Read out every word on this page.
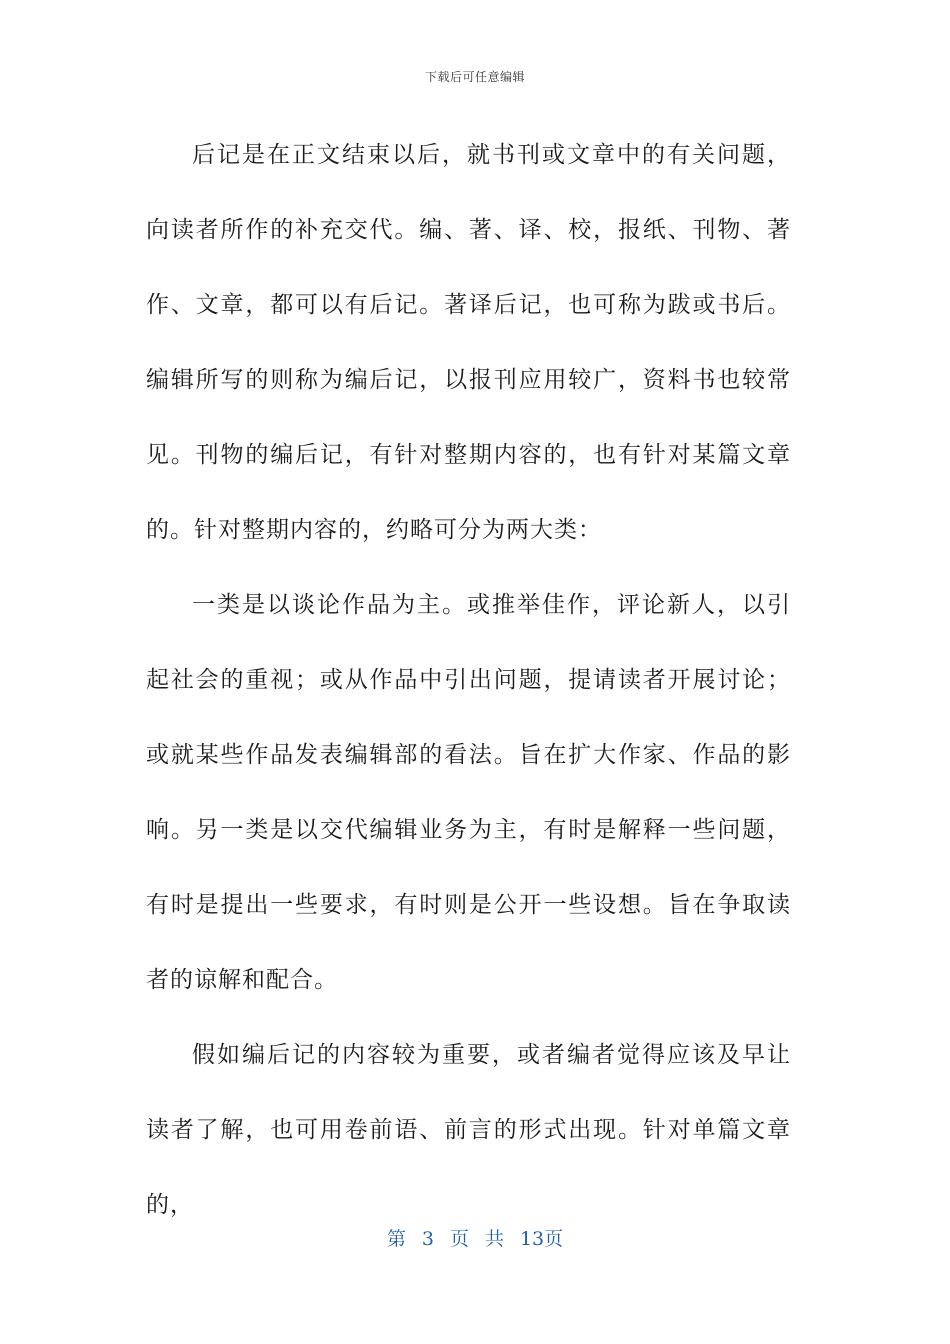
下载后可任意编辑

后记是在正文结束以后，就书刊或文章中的有关问题，向读者所作的补充交代。编、著、译、校，报纸、刊物、著作、文章，都可以有后记。著译后记，也可称为跋或书后。编辑所写的则称为编后记，以报刊应用较广，资料书也较常见。刊物的编后记，有针对整期内容的，也有针对某篇文章的。针对整期内容的，约略可分为两大类：

一类是以谈论作品为主。或推举佳作，评论新人，以引起社会的重视；或从作品中引出问题，提请读者开展讨论；或就某些作品发表编辑部的看法。旨在扩大作家、作品的影响。另一类是以交代编辑业务为主，有时是解释一些问题，有时是提出一些要求，有时则是公开一些设想。旨在争取读者的谅解和配合。

假如编后记的内容较为重要，或者编者觉得应该及早让读者了解，也可用卷前语、前言的形式出现。针对单篇文章的，

第 3 页 共 13页
